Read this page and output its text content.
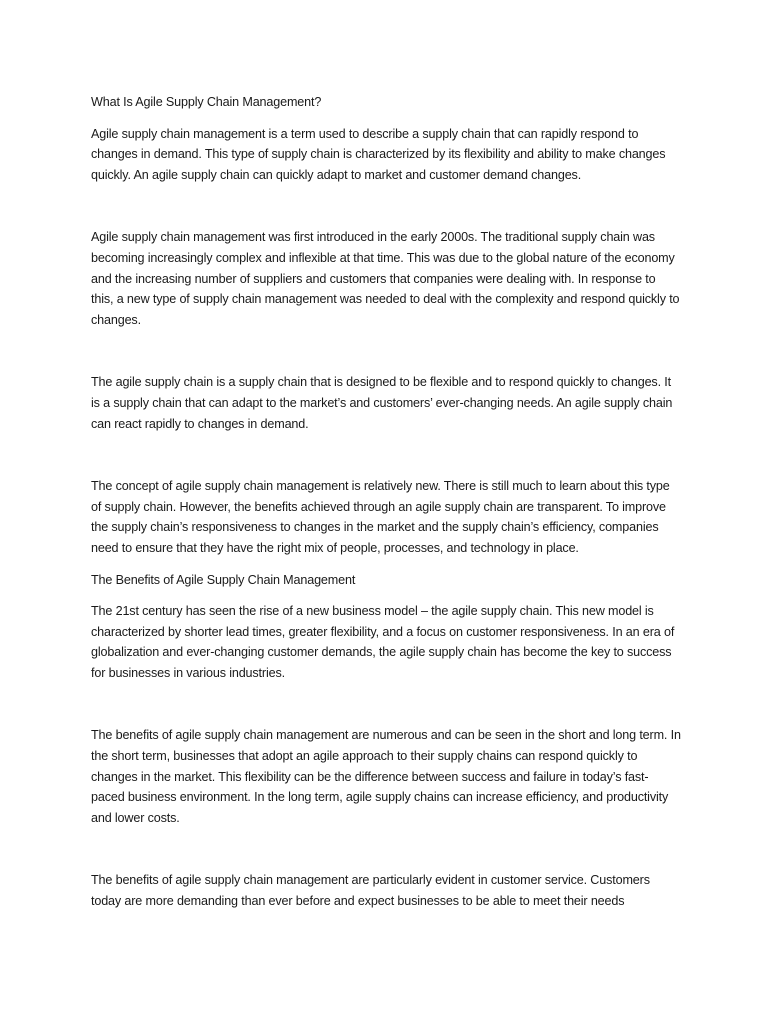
What Is Agile Supply Chain Management?

Agile supply chain management is a term used to describe a supply chain that can rapidly respond to changes in demand. This type of supply chain is characterized by its flexibility and ability to make changes quickly. An agile supply chain can quickly adapt to market and customer demand changes.

Agile supply chain management was first introduced in the early 2000s. The traditional supply chain was becoming increasingly complex and inflexible at that time. This was due to the global nature of the economy and the increasing number of suppliers and customers that companies were dealing with. In response to this, a new type of supply chain management was needed to deal with the complexity and respond quickly to changes.

The agile supply chain is a supply chain that is designed to be flexible and to respond quickly to changes. It is a supply chain that can adapt to the market’s and customers’ ever-changing needs. An agile supply chain can react rapidly to changes in demand.

The concept of agile supply chain management is relatively new. There is still much to learn about this type of supply chain. However, the benefits achieved through an agile supply chain are transparent. To improve the supply chain’s responsiveness to changes in the market and the supply chain’s efficiency, companies need to ensure that they have the right mix of people, processes, and technology in place.

The Benefits of Agile Supply Chain Management

The 21st century has seen the rise of a new business model – the agile supply chain. This new model is characterized by shorter lead times, greater flexibility, and a focus on customer responsiveness. In an era of globalization and ever-changing customer demands, the agile supply chain has become the key to success for businesses in various industries.

The benefits of agile supply chain management are numerous and can be seen in the short and long term. In the short term, businesses that adopt an agile approach to their supply chains can respond quickly to changes in the market. This flexibility can be the difference between success and failure in today’s fast-paced business environment. In the long term, agile supply chains can increase efficiency, and productivity and lower costs.

The benefits of agile supply chain management are particularly evident in customer service. Customers today are more demanding than ever before and expect businesses to be able to meet their needs
